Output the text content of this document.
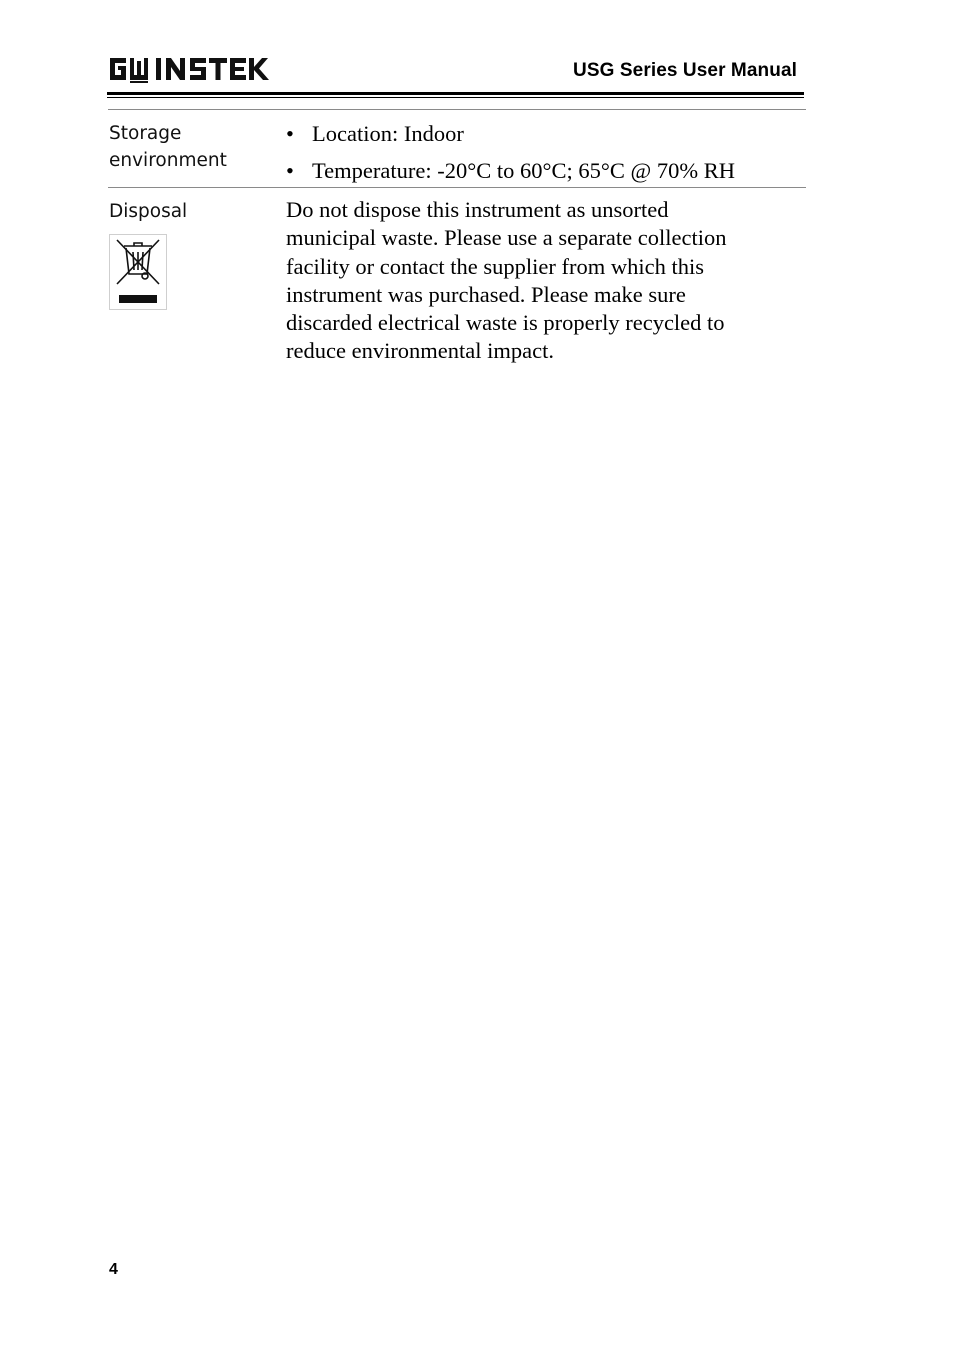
USG Series User Manual
Storage
environment
• Location: Indoor
• Temperature: -20°C to 60°C; 65°C @ 70% RH
Disposal	Do not dispose this instrument as unsorted
municipal waste. Please use a separate collection
facility or contact the supplier from which this
instrument was purchased. Please make sure
discarded electrical waste is properly recycled to
reduce environmental impact.
4
